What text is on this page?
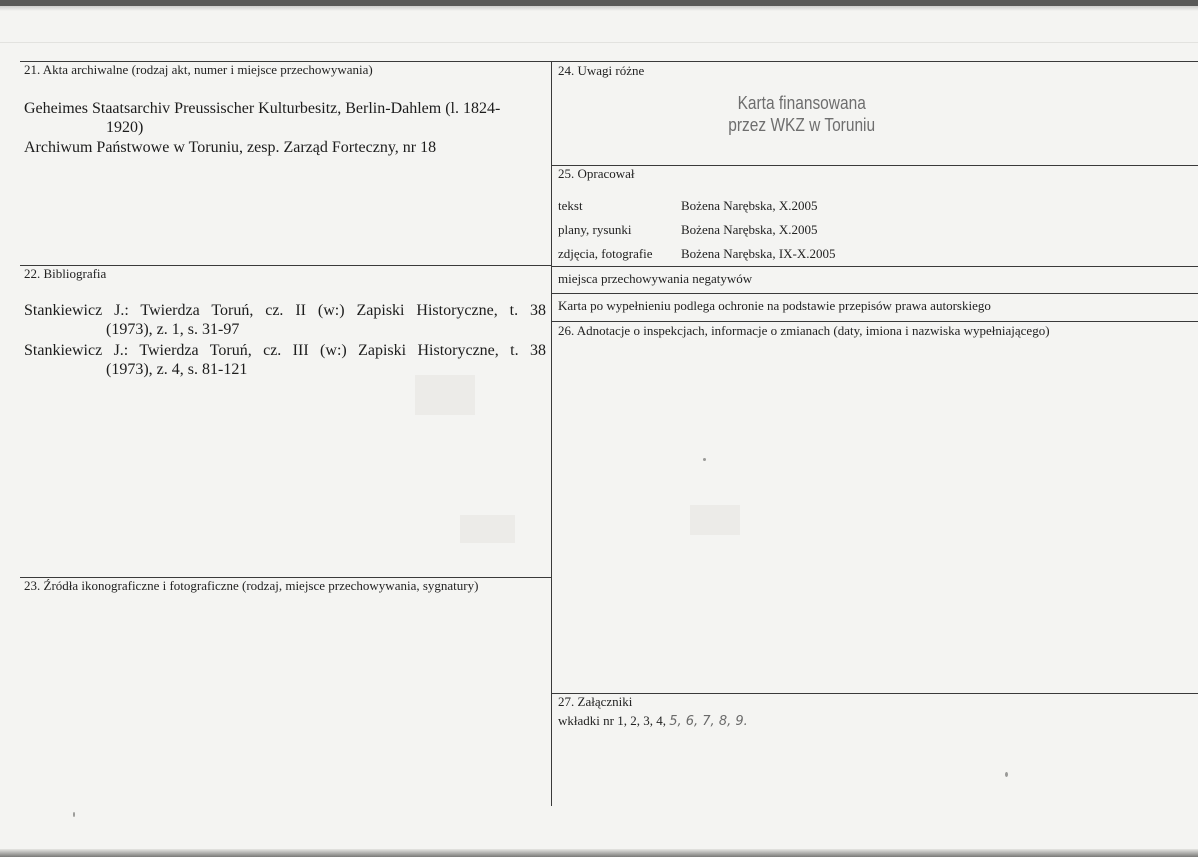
21. Akta archiwalne (rodzaj akt, numer i miejsce przechowywania)
Geheimes Staatsarchiv Preussischer Kulturbesitz, Berlin-Dahlem (l. 1824-
1920)
Archiwum Państwowe w Toruniu, zesp. Zarząd Forteczny, nr 18
22. Bibliografia
Stankiewicz J.: Twierdza Toruń, cz. II (w:) Zapiski Historyczne, t. 38
(1973), z. 1, s. 31-97
Stankiewicz J.: Twierdza Toruń, cz. III (w:) Zapiski Historyczne, t. 38
(1973), z. 4, s. 81-121
23. Źródła ikonograficzne i fotograficzne (rodzaj, miejsce przechowywania, sygnatury)
24. Uwagi różne
Karta finansowana
przez WKZ w Toruniu
25. Opracował
tekst	Bożena Narębska, X.2005
plany, rysunki	Bożena Narębska, X.2005
zdjęcia, fotografie Bożena Narębska, IX-X.2005
miejsca przechowywania negatywów
Karta po wypełnieniu podlega ochronie na podstawie przepisów prawa autorskiego
26. Adnotacje o inspekcjach, informacje o zmianach (daty, imiona i nazwiska wypełniającego)
27. Załączniki
wkładki nr 1, 2, 3, 4, 5, 6, 7, 8, 9.
